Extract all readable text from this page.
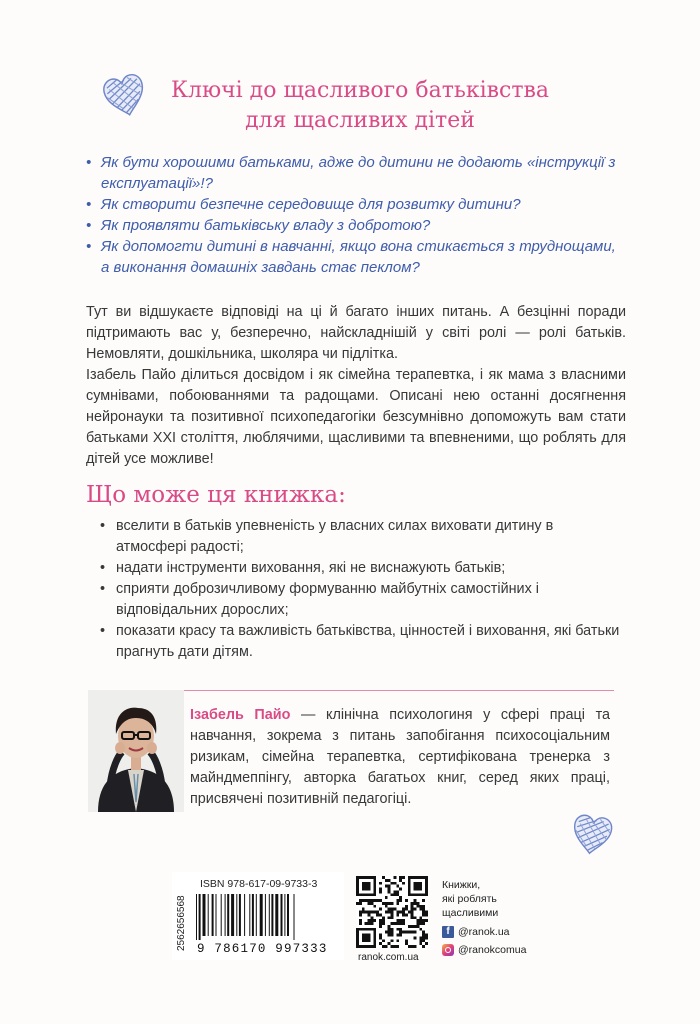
Ключі до щасливого батьківства
для щасливих дітей
• Як бути хорошими батьками, адже до дитини не додають «інструкції з експлуатації»!?
• Як створити безпечне середовище для розвитку дитини?
• Як проявляти батьківську владу з добротою?
• Як допомогти дитині в навчанні, якщо вона стикається з труднощами, а виконання домашніх завдань стає пеклом?

Тут ви відшукаєте відповіді на ці й багато інших питань. А безцінні поради підтримають вас у, безперечно, найскладнішій у світі ролі — ролі батьків. Немовляти, дошкільника, школяра чи підлітка.

Ізабель Пайо ділиться досвідом і як сімейна терапевтка, і як мама з власними сумнівами, побоюваннями та радощами. Описані нею останні досягнення нейронауки та позитивної психопедагогіки безсумнівно допоможуть вам стати батьками XXI століття, люблячими, щасливими та впевненими, що роблять для дітей усе можливе!

Що може ця книжка:
• вселити в батьків упевненість у власних силах виховати дитину в атмосфері радості;
• надати інструменти виховання, які не виснажують батьків;
• сприяти доброзичливому формуванню майбутніх самостійних і відповідальних дорослих;
• показати красу та важливість батьківства, цінностей і виховання, які батьки прагнуть дати дітям.
Ізабель Пайо — клінічна психологиня у сфері праці та навчання, зокрема з питань запобігання психосоціальним ризикам, сімейна терапевтка, сертифікована тренерка з майндмеппінгу, авторка багатьох книг, серед яких праці, присвячені позитивній педагогіці.
2562656568
ISBN 978-617-09-9733-3
9 786170 997333
ranok.com.ua
Книжки,
які роблять
щасливими
f @ranok.ua
@ranokcomua
